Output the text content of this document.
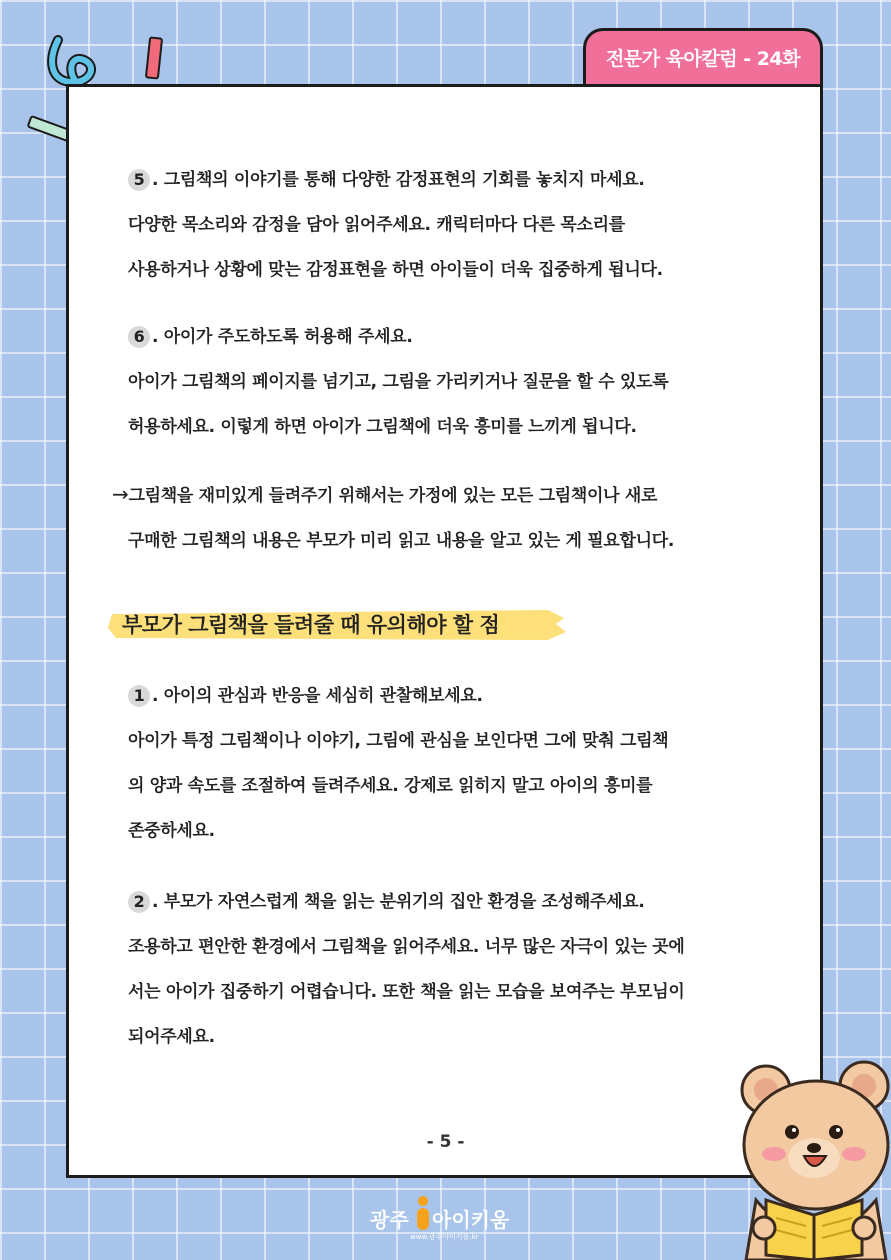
전문가 육아칼럼 - 24화

5 . 그림책의 이야기를 통해 다양한 감정표현의 기회를 놓치지 마세요.

다양한 목소리와 감정을 담아 읽어주세요. 캐릭터마다 다른 목소리를

사용하거나 상황에 맞는 감정표현을 하면 아이들이 더욱 집중하게 됩니다.

6 . 아이가 주도하도록 허용해 주세요.

아이가 그림책의 페이지를 넘기고, 그림을 가리키거나 질문을 할 수 있도록

허용하세요. 이렇게 하면 아이가 그림책에 더욱 흥미를 느끼게 됩니다.

→그림책을 재미있게 들려주기 위해서는 가정에 있는 모든 그림책이나 새로

구매한 그림책의 내용은 부모가 미리 읽고 내용을 알고 있는 게 필요합니다.

부모가 그림책을 들려줄 때 유의해야 할 점

1 . 아이의 관심과 반응을 세심히 관찰해보세요.

아이가 특정 그림책이나 이야기, 그림에 관심을 보인다면 그에 맞춰 그림책

의 양과 속도를 조절하여 들려주세요. 강제로 읽히지 말고 아이의 흥미를

존중하세요.

2 . 부모가 자연스럽게 책을 읽는 분위기의 집안 환경을 조성해주세요.

조용하고 편안한 환경에서 그림책을 읽어주세요. 너무 많은 자극이 있는 곳에

서는 아이가 집중하기 어렵습니다. 또한 책을 읽는 모습을 보여주는 부모님이

되어주세요.

- 5 -
광주 아이키움
www.광주아이키움.kr
